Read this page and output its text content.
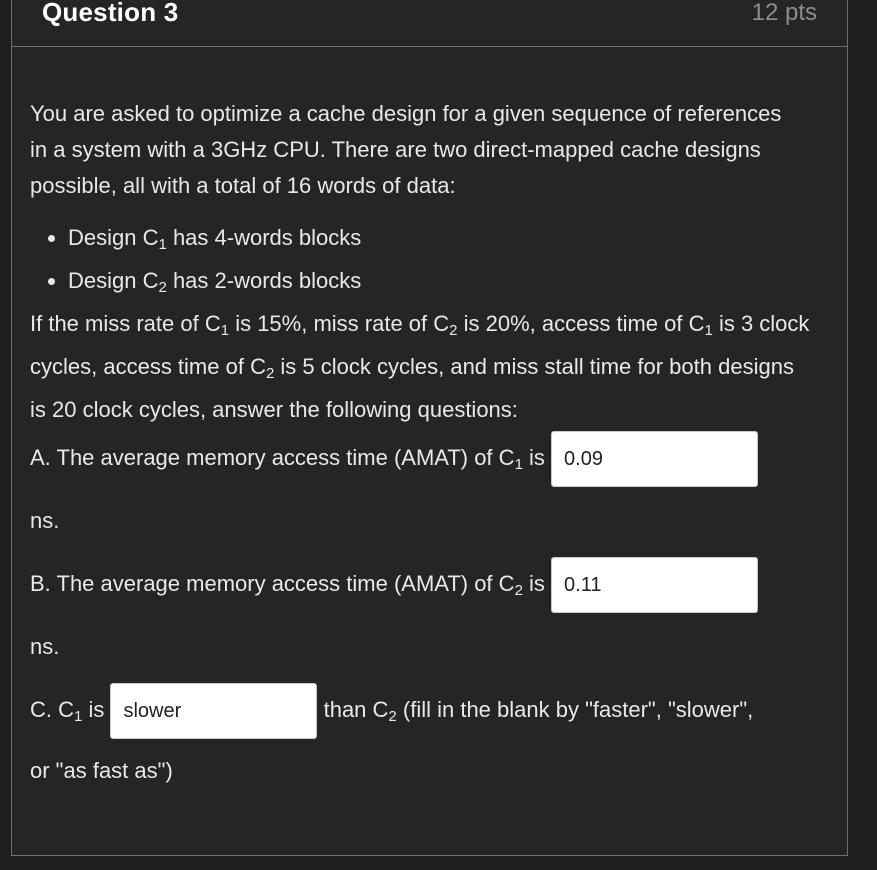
Question 3	12 pts

You are asked to optimize a cache design for a given sequence of references in a system with a 3GHz CPU. There are two direct-mapped cache designs possible, all with a total of 16 words of data:

• Design $C_1$ has 4-words blocks
• Design $C_2$ has 2-words blocks

If the miss rate of $C_1$ is 15%, miss rate of $C_2$ is 20%, access time of $C_1$ is 3 clock cycles, access time of $C_2$ is 5 clock cycles, and miss stall time for both designs is 20 clock cycles, answer the following questions:

A. The average memory access time (AMAT) of $C_1$ is 0.09
ns.
B. The average memory access time (AMAT) of $C_2$ is 0.11
ns.
C. $C_1$ is slower	than $C_2$ (fill in the blank by "faster", "slower",
or "as fast as")
